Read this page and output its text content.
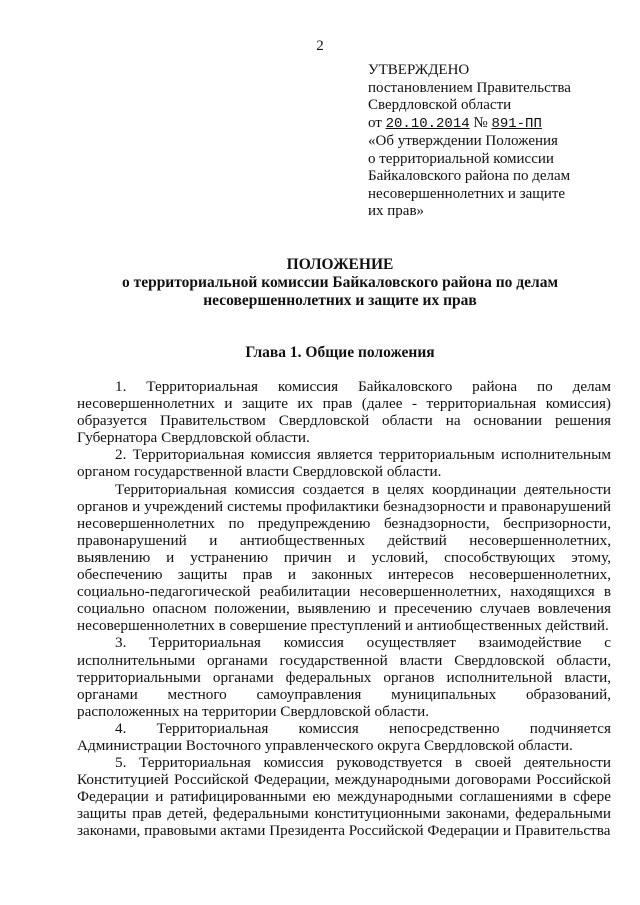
2
УТВЕРЖДЕНО
постановлением Правительства
Свердловской области
от 20.10.2014 № 891-ПП
«Об утверждении Положения
о территориальной комиссии
Байкаловского района по делам
несовершеннолетних и защите
их прав»
ПОЛОЖЕНИЕ
о территориальной комиссии Байкаловского района по делам
несовершеннолетних и защите их прав
Глава 1. Общие положения

1. Территориальная комиссия Байкаловского района по делам несовершеннолетних и защите их прав (далее - территориальная комиссия) образуется Правительством Свердловской области на основании решения Губернатора Свердловской области.

2. Территориальная комиссия является территориальным исполнительным органом государственной власти Свердловской области.

Территориальная комиссия создается в целях координации деятельности органов и учреждений системы профилактики безнадзорности и правонарушений несовершеннолетних по предупреждению безнадзорности, беспризорности, правонарушений и антиобщественных действий несовершеннолетних, выявлению и устранению причин и условий, способствующих этому, обеспечению защиты прав и законных интересов несовершеннолетних, социально-педагогической реабилитации несовершеннолетних, находящихся в социально опасном положении, выявлению и пресечению случаев вовлечения несовершеннолетних в совершение преступлений и антиобщественных действий.

3. Территориальная комиссия осуществляет взаимодействие с исполнительными органами государственной власти Свердловской области, территориальными органами федеральных органов исполнительной власти, органами местного самоуправления муниципальных образований, расположенных на территории Свердловской области.

4. Территориальная комиссия непосредственно подчиняется Администрации Восточного управленческого округа Свердловской области.

5. Территориальная комиссия руководствуется в своей деятельности Конституцией Российской Федерации, международными договорами Российской Федерации и ратифицированными ею международными соглашениями в сфере защиты прав детей, федеральными конституционными законами, федеральными законами, правовыми актами Президента Российской Федерации и Правительства
